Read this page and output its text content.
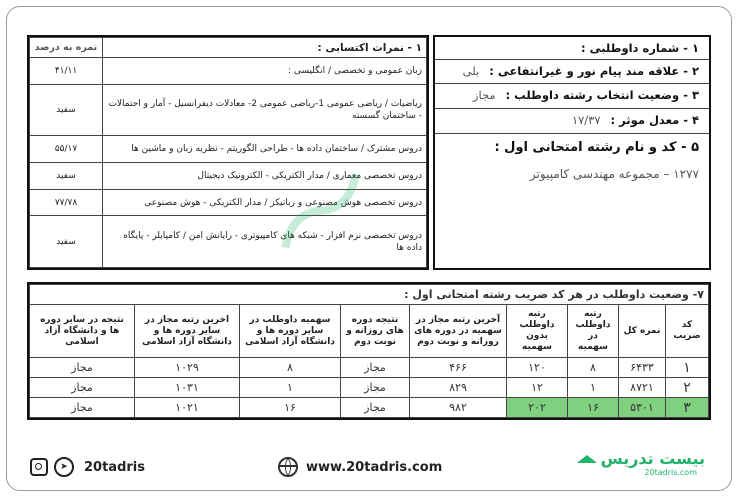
۱ - شماره داوطلبی :
۲ - علاقه مند پیام نور و غیرانتفاعی : بلی
۳ - وضعیت انتخاب رشته داوطلب : مجاز
۴ - معدل موثر : ۱۷/۳۷
۵ - کد و نام رشته امتحانی اول :
۱۲۷۷ – مجموعه مهندسی کامپیوتر
۱ - نمرات اکتسابی :	نمره به درصد
زبان عمومی و تخصصی / انگلیسی :	۴۱/۱۱
ریاضیات / ریاضی عمومی 1-ریاضی عمومی 2- معادلات دیفرانسیل - آمار و احتمالات - ساختمان گسسته	سفید
دروس مشترک / ساختمان داده ها - طراحی الگوریتم - نظریه زبان و ماشین ها	۵۵/۱۷
دروس تخصصی معماری / مدار الکتریکی - الکترونیک دیجیتال	سفید
دروس تخصصی هوش مصنوعی و رباتیکز / مدار الکتریکی - هوش مصنوعی	۷۷/۷۸
دروس تخصصی نرم افزار - شبکه های کامپیوتری - رایانش امن / کامپایلر - پایگاه داده ها	سفید
۷- وضعیت داوطلب در هر کد ضریب رشته امتحانی اول :								
کد ضریب	نمره کل	رتبه داوطلب در سهمیه	رتبه داوطلب بدون سهمیه	آخرین رتبه مجاز در سهمیه در دوره های روزانه و نوبت دوم	نتیجه دوره های روزانه و نوبت دوم	سهمیه داوطلب در سایر دوره ها و دانشگاه آزاد اسلامی	اخرین رتبه مجاز در سایر دوره ها و دانشگاه آزاد اسلامی	نتیجه در سایر دوره ها و دانشگاه آزاد اسلامی
۱	۶۴۳۳	۸	۱۲۰	۴۶۶	مجاز	۸	۱۰۲۹	مجاز
۲	۸۷۲۱	۱	۱۲	۸۲۹	مجاز	۱	۱۰۳۱	مجاز
۳	۵۳۰۱	۱۶	۲۰۲	۹۸۲	مجاز	۱۶	۱۰۲۱	مجاز
➤	20tadris	www.20tadris.com	بیست تدریس
20tadris.com
